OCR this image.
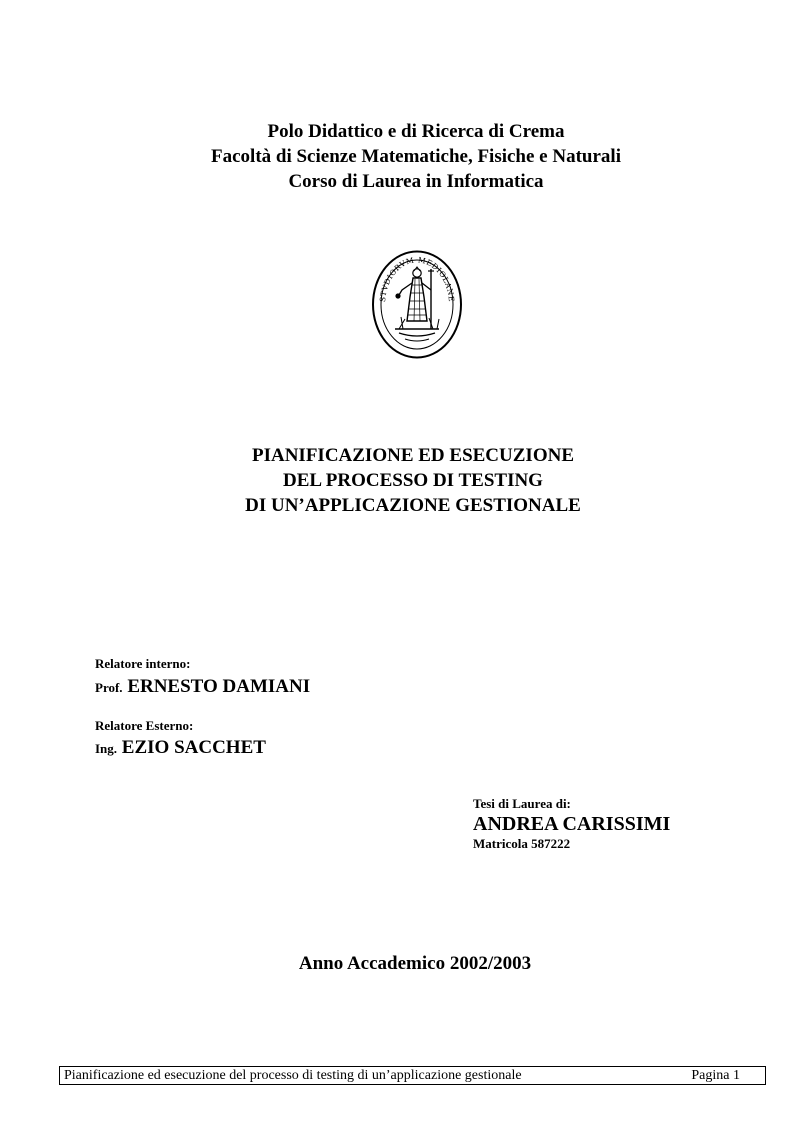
Polo Didattico e di Ricerca di Crema
Facoltà di Scienze Matematiche, Fisiche e Naturali
Corso di Laurea in Informatica
STVDIORVM MEDIOLANE
PIANIFICAZIONE ED ESECUZIONE
DEL PROCESSO DI TESTING
DI UN’APPLICAZIONE GESTIONALE
Relatore interno:
Prof. ERNESTO DAMIANI
Relatore Esterno:
Ing. EZIO SACCHET
Tesi di Laurea di:
ANDREA CARISSIMI
Matricola 587222
Anno Accademico 2002/2003
Pianificazione ed esecuzione del processo di testing di un’applicazione gestionale	Pagina 1
